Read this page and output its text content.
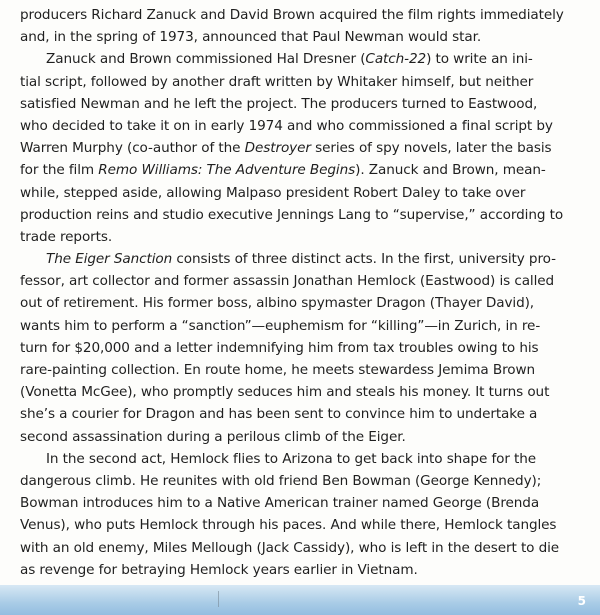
producers Richard Zanuck and David Brown acquired the film rights immediately
and, in the spring of 1973, announced that Paul Newman would star.
Zanuck and Brown commissioned Hal Dresner (Catch-22) to write an ini-
tial script, followed by another draft written by Whitaker himself, but neither
satisfied Newman and he left the project. The producers turned to Eastwood,
who decided to take it on in early 1974 and who commissioned a final script by
Warren Murphy (co-author of the Destroyer series of spy novels, later the basis
for the film Remo Williams: The Adventure Begins). Zanuck and Brown, mean-
while, stepped aside, allowing Malpaso president Robert Daley to take over
production reins and studio executive Jennings Lang to “supervise,” according to
trade reports.
The Eiger Sanction consists of three distinct acts. In the first, university pro-
fessor, art collector and former assassin Jonathan Hemlock (Eastwood) is called
out of retirement. His former boss, albino spymaster Dragon (Thayer David),
wants him to perform a “sanction”—euphemism for “killing”—in Zurich, in re-
turn for $20,000 and a letter indemnifying him from tax troubles owing to his
rare-painting collection. En route home, he meets stewardess Jemima Brown
(Vonetta McGee), who promptly seduces him and steals his money. It turns out
she’s a courier for Dragon and has been sent to convince him to undertake a
second assassination during a perilous climb of the Eiger.
In the second act, Hemlock flies to Arizona to get back into shape for the
dangerous climb. He reunites with old friend Ben Bowman (George Kennedy);
Bowman introduces him to a Native American trainer named George (Brenda
Venus), who puts Hemlock through his paces. And while there, Hemlock tangles
with an old enemy, Miles Mellough (Jack Cassidy), who is left in the desert to die
as revenge for betraying Hemlock years earlier in Vietnam.
5
